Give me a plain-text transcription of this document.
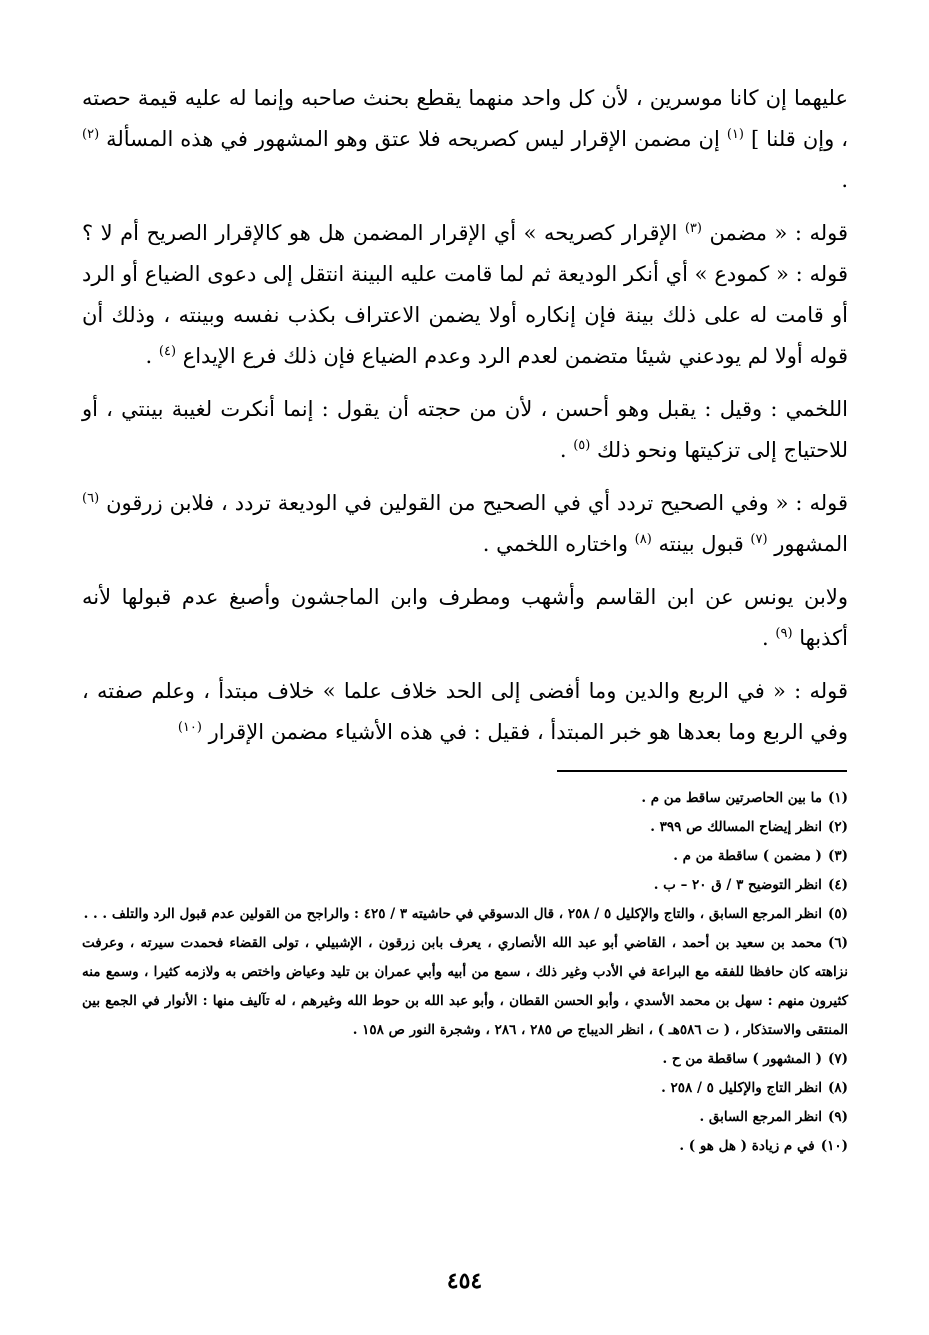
عليهما إن كانا موسرين ، لأن كل واحد منهما يقطع بحنث صاحبه وإنما له عليه قيمة حصته ، وإن قلنا ] $^{(١)}$ إن مضمن الإقرار ليس كصريحه فلا عتق وهو المشهور في هذه المسألة $^{(٢)}$ .

قوله : « مضمن $^{(٣)}$ الإقرار كصريحه » أي الإقرار المضمن هل هو كالإقرار الصريح أم لا ؟ قوله : « كمودع » أي أنكر الوديعة ثم لما قامت عليه البينة انتقل إلى دعوى الضياع أو الرد أو قامت له على ذلك بينة فإن إنكاره أولا يضمن الاعتراف بكذب نفسه وبينته ، وذلك أن قوله أولا لم يودعني شيئا متضمن لعدم الرد وعدم الضياع فإن ذلك فرع الإيداع $^{(٤)}$ .

اللخمي : وقيل : يقبل وهو أحسن ، لأن من حجته أن يقول : إنما أنكرت لغيبة بينتي ، أو للاحتياج إلى تزكيتها ونحو ذلك $^{(٥)}$ .

قوله : « وفي الصحيح تردد أي في الصحيح من القولين في الوديعة تردد ، فلابن زرقون $^{(٦)}$ المشهور $^{(٧)}$ قبول بينته $^{(٨)}$ واختاره اللخمي .

ولابن يونس عن ابن القاسم وأشهب ومطرف وابن الماجشون وأصبغ عدم قبولها لأنه أكذبها $^{(٩)}$ .

قوله : « في الربع والدين وما أفضى إلى الحد خلاف علما » خلاف مبتدأ ، وعلم صفته ، وفي الربع وما بعدها هو خبر المبتدأ ، فقيل : في هذه الأشياء مضمن الإقرار $^{(١٠)}$

(١)ما بين الحاصرتين ساقط من م .

(٢)انظر إيضاح المسالك ص ٣٩٩ .

(٣)( مضمن ) ساقطة من م .

(٤)انظر التوضيح ٣ / ق ٢٠ – ب .

(٥)انظر المرجع السابق ، والتاج والإكليل ٥ / ٢٥٨ ، قال الدسوقي في حاشيته ٣ / ٤٢٥ : والراجح من القولين عدم قبول الرد والتلف . . .

(٦)محمد بن سعيد بن أحمد ، القاضي أبو عبد الله الأنصاري ، يعرف بابن زرقون ، الإشبيلي ، تولى القضاء فحمدت سيرته ، وعرفت نزاهته كان حافظا للفقه مع البراعة في الأدب وغير ذلك ، سمع من أبيه وأبي عمران بن تليد وعياض واختص به ولازمه كثيرا ، وسمع منه كثيرون منهم : سهل بن محمد الأسدي ، وأبو الحسن القطان ، وأبو عبد الله بن حوط الله وغيرهم ، له تآليف منها : الأنوار في الجمع بين المنتقى والاستذكار ، ( ت ٥٨٦هـ ) ، انظر الديباج ص ٢٨٥ ، ٢٨٦ ، وشجرة النور ص ١٥٨ .

(٧)( المشهور ) ساقطة من ح .

(٨)انظر التاج والإكليل ٥ / ٢٥٨ .

(٩)انظر المرجع السابق .

(١٠)في م زيادة ( هل هو ) .

٤٥٤
